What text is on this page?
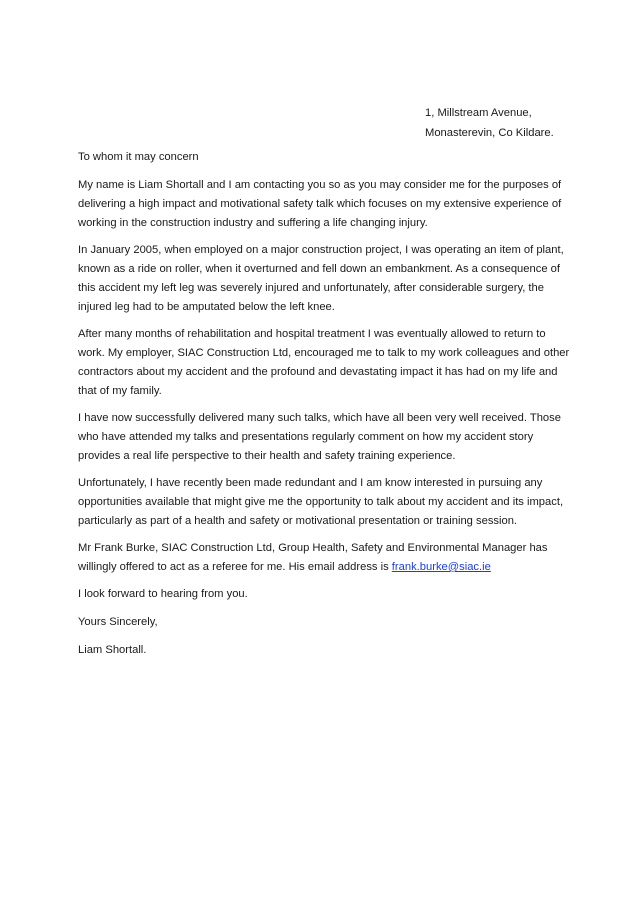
1, Millstream Avenue,
Monasterevin, Co Kildare.
To whom it may concern
My name is Liam Shortall and I am contacting you so as you may consider me for the purposes of
delivering a high impact and motivational safety talk which focuses on my extensive experience of
working in the construction industry and suffering a life changing injury.
In January 2005, when employed on a major construction project, I was operating an item of plant,
known as a ride on roller, when it overturned and fell down an embankment. As a consequence of
this accident my left leg was severely injured and unfortunately, after considerable surgery, the
injured leg had to be amputated below the left knee.
After many months of rehabilitation and hospital treatment I was eventually allowed to return to
work. My employer, SIAC Construction Ltd, encouraged me to talk to my work colleagues and other
contractors about my accident and the profound and devastating impact it has had on my life and
that of my family.
I have now successfully delivered many such talks, which have all been very well received. Those
who have attended my talks and presentations regularly comment on how my accident story
provides a real life perspective to their health and safety training experience.
Unfortunately, I have recently been made redundant and I am know interested in pursuing any
opportunities available that might give me the opportunity to talk about my accident and its impact,
particularly as part of a health and safety or motivational presentation or training session.
Mr Frank Burke, SIAC Construction Ltd, Group Health, Safety and Environmental Manager has
willingly offered to act as a referee for me. His email address is frank.burke@siac.ie
I look forward to hearing from you.
Yours Sincerely,
Liam Shortall.
